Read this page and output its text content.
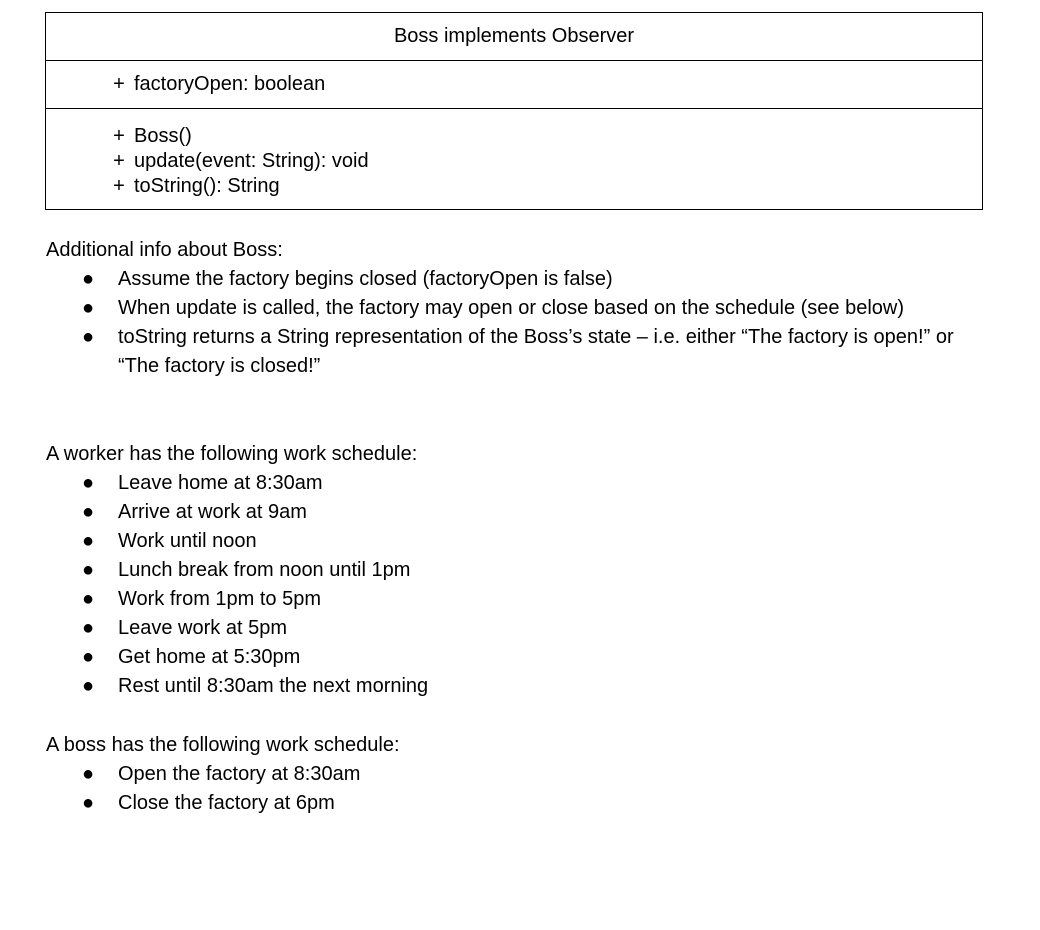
Boss implements Observer

+ factoryOpen: boolean

+ Boss()
+ update(event: String): void
+ toString(): String

Additional info about Boss:

● Assume the factory begins closed (factoryOpen is false)
● When update is called, the factory may open or close based on the schedule (see below)
● toString returns a String representation of the Boss’s state – i.e. either “The factory is open!” or “The factory is closed!”

A worker has the following work schedule:

● Leave home at 8:30am
● Arrive at work at 9am
● Work until noon
● Lunch break from noon until 1pm
● Work from 1pm to 5pm
● Leave work at 5pm
● Get home at 5:30pm
● Rest until 8:30am the next morning

A boss has the following work schedule:

● Open the factory at 8:30am
● Close the factory at 6pm
